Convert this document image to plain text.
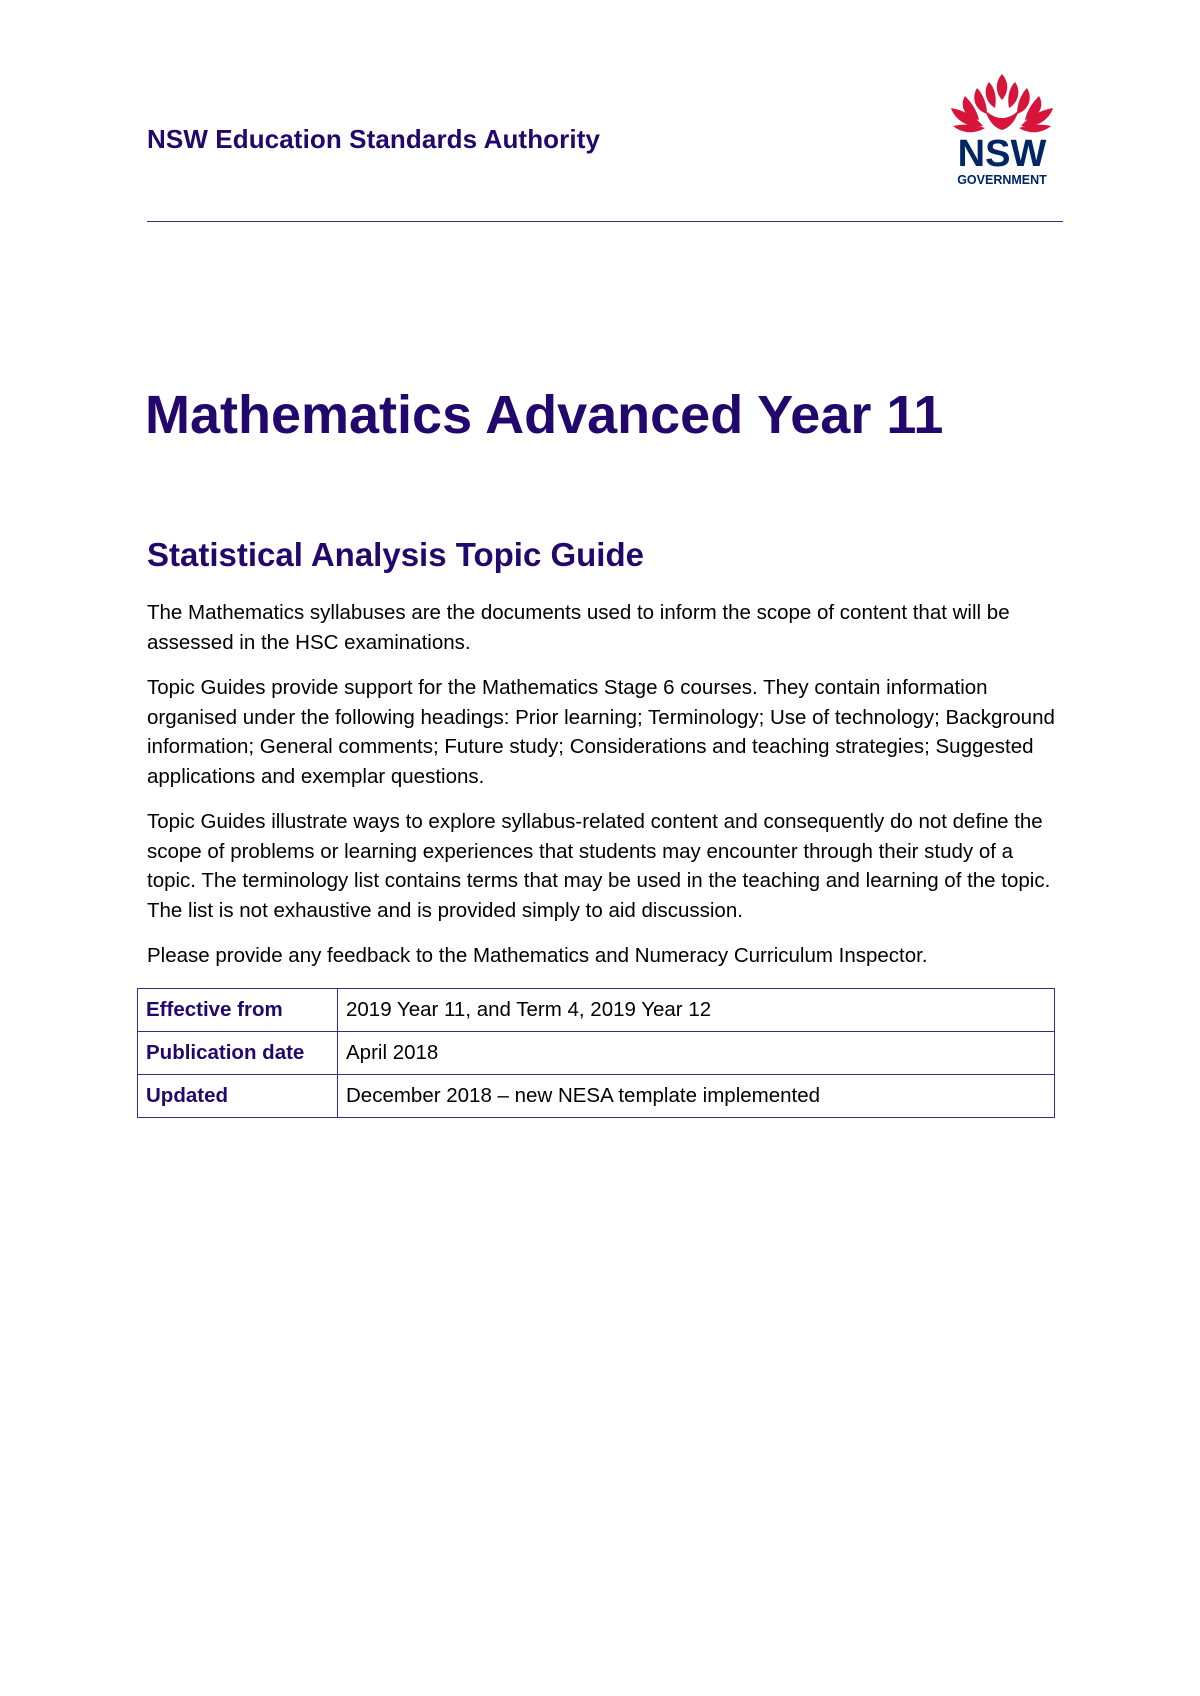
NSW Education Standards Authority	NSW
GOVERNMENT
Mathematics Advanced Year 11
Statistical Analysis Topic Guide

The Mathematics syllabuses are the documents used to inform the scope of content that will be assessed in the HSC examinations.

Topic Guides provide support for the Mathematics Stage 6 courses. They contain information organised under the following headings: Prior learning; Terminology; Use of technology; Background information; General comments; Future study; Considerations and teaching strategies; Suggested applications and exemplar questions.

Topic Guides illustrate ways to explore syllabus-related content and consequently do not define the scope of problems or learning experiences that students may encounter through their study of a topic. The terminology list contains terms that may be used in the teaching and learning of the topic. The list is not exhaustive and is provided simply to aid discussion.

Please provide any feedback to the Mathematics and Numeracy Curriculum Inspector.

Effective from	2019 Year 11, and Term 4, 2019 Year 12
Publication date	April 2018
Updated	December 2018 – new NESA template implemented
